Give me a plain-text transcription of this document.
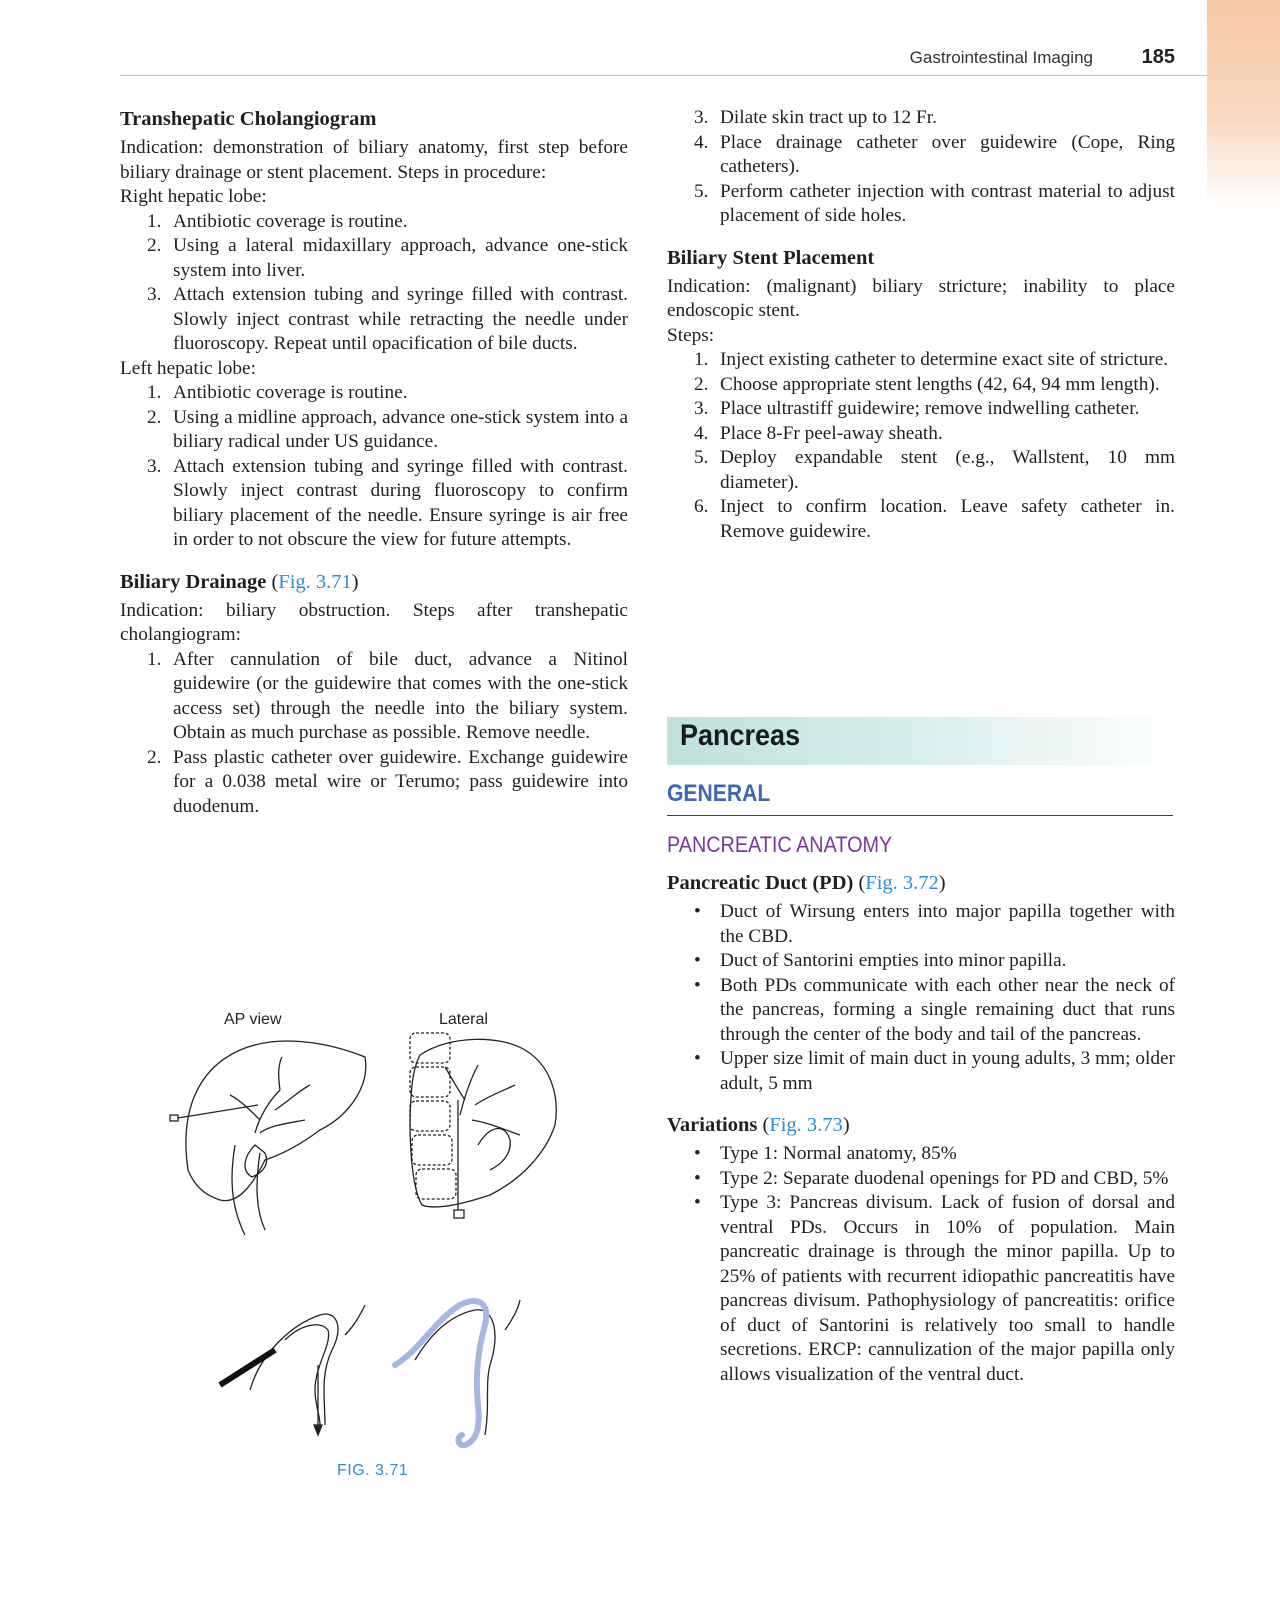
Gastrointestinal Imaging 185
Transhepatic Cholangiogram

Indication: demonstration of biliary anatomy, first step before biliary drainage or stent placement. Steps in procedure:

Right hepatic lobe:

1. Antibiotic coverage is routine.
2. Using a lateral midaxillary approach, advance one-stick system into liver.
3. Attach extension tubing and syringe filled with contrast. Slowly inject contrast while retracting the needle under fluoroscopy. Repeat until opacification of bile ducts.

Left hepatic lobe:

1. Antibiotic coverage is routine.
2. Using a midline approach, advance one-stick system into a biliary radical under US guidance.
3. Attach extension tubing and syringe filled with contrast. Slowly inject contrast during fluoroscopy to confirm biliary placement of the needle. Ensure syringe is air free in order to not obscure the view for future attempts.
Biliary Drainage (Fig. 3.71)

Indication: biliary obstruction. Steps after transhepatic cholangiogram:

1. After cannulation of bile duct, advance a Nitinol guidewire (or the guidewire that comes with the one-stick access set) through the needle into the biliary system. Obtain as much purchase as possible. Remove needle.
2. Pass plastic catheter over guidewire. Exchange guidewire for a 0.038 metal wire or Terumo; pass guidewire into duodenum.
AP view	Lateral
FIG. 3.71
3. Dilate skin tract up to 12 Fr.
4. Place drainage catheter over guidewire (Cope, Ring catheters).
5. Perform catheter injection with contrast material to adjust placement of side holes.
Biliary Stent Placement

Indication: (malignant) biliary stricture; inability to place endoscopic stent.

Steps:

1. Inject existing catheter to determine exact site of stricture.
2. Choose appropriate stent lengths (42, 64, 94 mm length).
3. Place ultrastiff guidewire; remove indwelling catheter.
4. Place 8-Fr peel-away sheath.
5. Deploy expandable stent (e.g., Wallstent, 10 mm diameter).
6. Inject to confirm location. Leave safety catheter in. Remove guidewire.
Pancreas
GENERAL
PANCREATIC ANATOMY
Pancreatic Duct (PD) (Fig. 3.72)
• Duct of Wirsung enters into major papilla together with the CBD.
• Duct of Santorini empties into minor papilla.
• Both PDs communicate with each other near the neck of the pancreas, forming a single remaining duct that runs through the center of the body and tail of the pancreas.
• Upper size limit of main duct in young adults, 3 mm; older adult, 5 mm
Variations (Fig. 3.73)
• Type 1: Normal anatomy, 85%
• Type 2: Separate duodenal openings for PD and CBD, 5%
• Type 3: Pancreas divisum. Lack of fusion of dorsal and ventral PDs. Occurs in 10% of population. Main pancreatic drainage is through the minor papilla. Up to 25% of patients with recurrent idiopathic pancreatitis have pancreas divisum. Pathophysiology of pancreatitis: orifice of duct of Santorini is relatively too small to handle secretions. ERCP: cannulization of the major papilla only allows visualization of the ventral duct.
